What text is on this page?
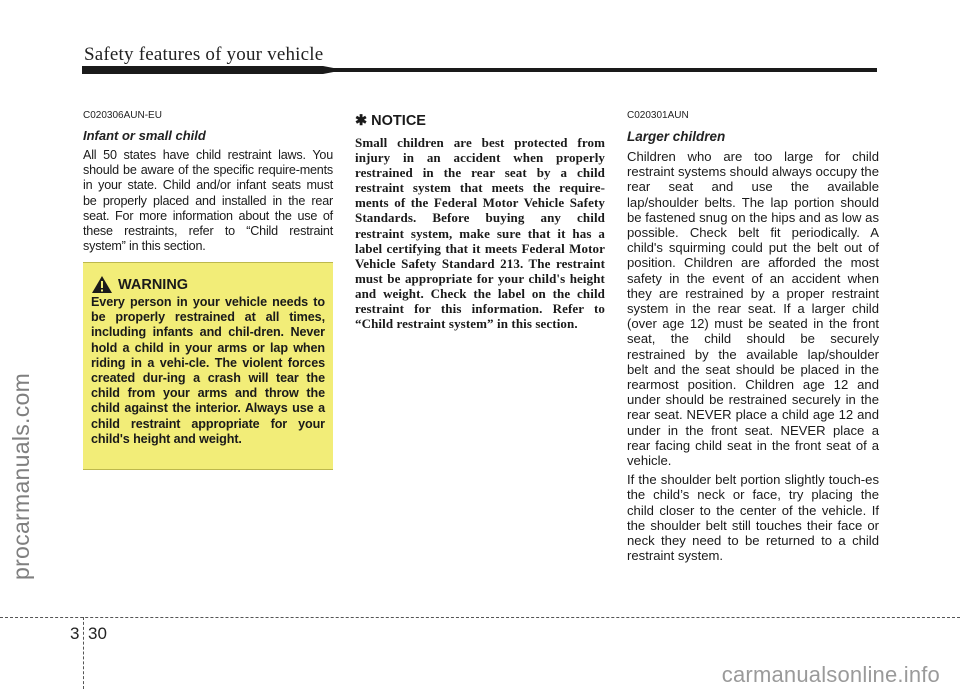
Safety features of your vehicle
procarmanuals.com

C020306AUN-EU

Infant or small child

All 50 states have child restraint laws. You should be aware of the specific require-ments in your state. Child and/or infant seats must be properly placed and installed in the rear seat. For more information about the use of these restraints, refer to “Child restraint system” in this section.

WARNING

Every person in your vehicle needs to be properly restrained at all times, including infants and chil-dren. Never hold a child in your arms or lap when riding in a vehi-cle. The violent forces created dur-ing a crash will tear the child from your arms and throw the child against the interior. Always use a child restraint appropriate for your child's height and weight.

✱ NOTICE

Small children are best protected from injury in an accident when properly restrained in the rear seat by a child restraint system that meets the require-ments of the Federal Motor Vehicle Safety Standards. Before buying any child restraint system, make sure that it has a label certifying that it meets Federal Motor Vehicle Safety Standard 213. The restraint must be appropriate for your child's height and weight. Check the label on the child restraint for this information. Refer to “Child restraint system” in this section.

C020301AUN

Larger children

Children who are too large for child restraint systems should always occupy the rear seat and use the available lap/shoulder belts. The lap portion should be fastened snug on the hips and as low as possible. Check belt fit periodically. A child's squirming could put the belt out of position. Children are afforded the most safety in the event of an accident when they are restrained by a proper restraint system in the rear seat. If a larger child (over age 12) must be seated in the front seat, the child should be securely restrained by the available lap/shoulder belt and the seat should be placed in the rearmost position. Children age 12 and under should be restrained securely in the rear seat. NEVER place a child age 12 and under in the front seat. NEVER place a rear facing child seat in the front seat of a vehicle.

If the shoulder belt portion slightly touch-es the child’s neck or face, try placing the child closer to the center of the vehicle. If the shoulder belt still touches their face or neck they need to be returned to a child restraint system.

3 30
carmanualsonline.info
